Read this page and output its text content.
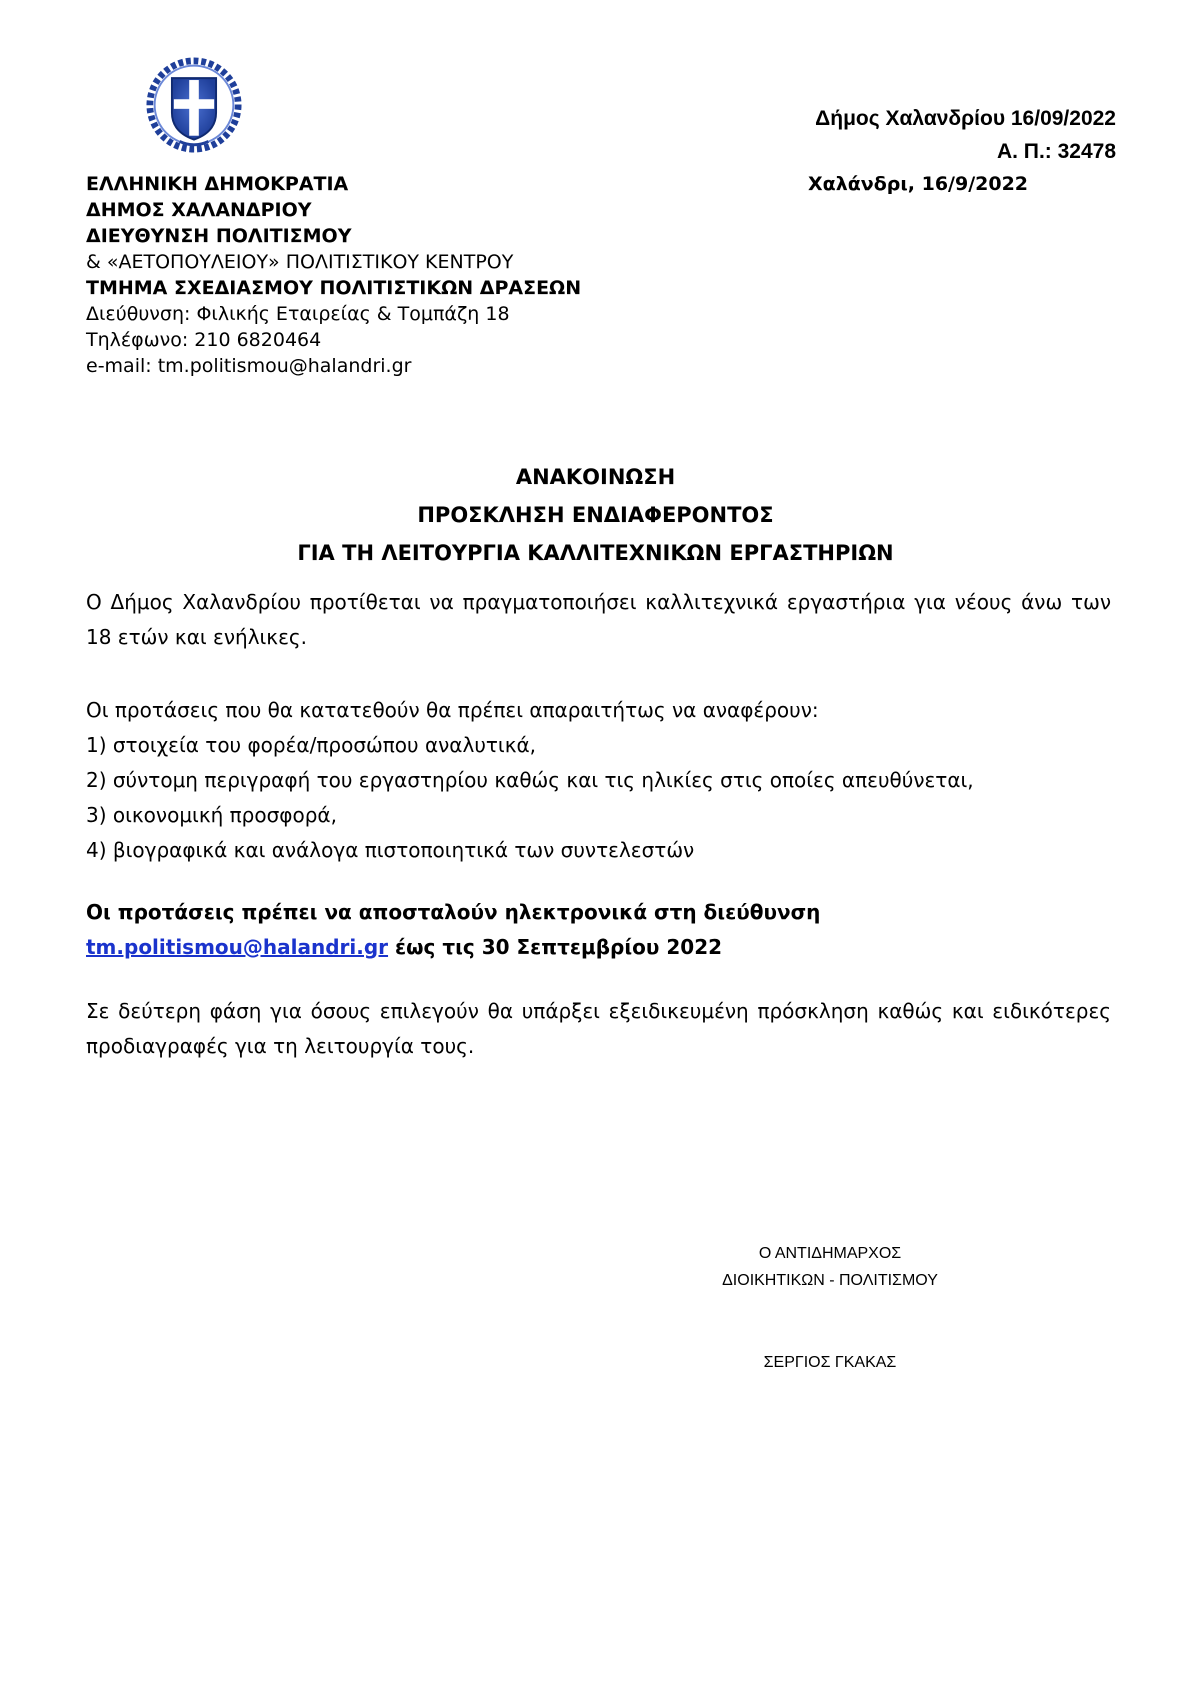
Δήμος Χαλανδρίου 16/09/2022
Α. Π.: 32478
Χαλάνδρι, 16/9/2022
ΕΛΛΗΝΙΚΗ ΔΗΜΟΚΡΑΤΙΑ
ΔΗΜΟΣ ΧΑΛΑΝΔΡΙΟΥ
ΔΙΕΥΘΥΝΣΗ ΠΟΛΙΤΙΣΜΟΥ
& «ΑΕΤΟΠΟΥΛΕΙΟΥ» ΠΟΛΙΤΙΣΤΙΚΟΥ ΚΕΝΤΡΟΥ
ΤΜΗΜΑ ΣΧΕΔΙΑΣΜΟΥ ΠΟΛΙΤΙΣΤΙΚΩΝ ΔΡΑΣΕΩΝ
Διεύθυνση: Φιλικής Εταιρείας & Τομπάζη 18
Τηλέφωνο: 210 6820464
e-mail: tm.politismou@halandri.gr
ΑΝΑΚΟΙΝΩΣΗ
ΠΡΟΣΚΛΗΣΗ ΕΝΔΙΑΦΕΡΟΝΤΟΣ
ΓΙΑ ΤΗ ΛΕΙΤΟΥΡΓΙΑ ΚΑΛΛΙΤΕΧΝΙΚΩΝ ΕΡΓΑΣΤΗΡΙΩΝ
Ο Δήμος Χαλανδρίου προτίθεται να πραγματοποιήσει καλλιτεχνικά εργαστήρια για νέους άνω των 18 ετών και ενήλικες.
Οι προτάσεις που θα κατατεθούν θα πρέπει απαραιτήτως να αναφέρουν:
1) στοιχεία του φορέα/προσώπου αναλυτικά,
2) σύντομη περιγραφή του εργαστηρίου καθώς και τις ηλικίες στις οποίες απευθύνεται,
3) οικονομική προσφορά,
4) βιογραφικά και ανάλογα πιστοποιητικά των συντελεστών
Οι προτάσεις πρέπει να αποσταλούν ηλεκτρονικά στη διεύθυνση
tm.politismou@halandri.gr έως τις 30 Σεπτεμβρίου 2022
Σε δεύτερη φάση για όσους επιλεγούν θα υπάρξει εξειδικευμένη πρόσκληση καθώς και ειδικότερες προδιαγραφές για τη λειτουργία τους.
Ο ΑΝΤΙΔΗΜΑΡΧΟΣ
ΔΙΟΙΚΗΤΙΚΩΝ - ΠΟΛΙΤΙΣΜΟΥ
ΣΕΡΓΙΟΣ ΓΚΑΚΑΣ
